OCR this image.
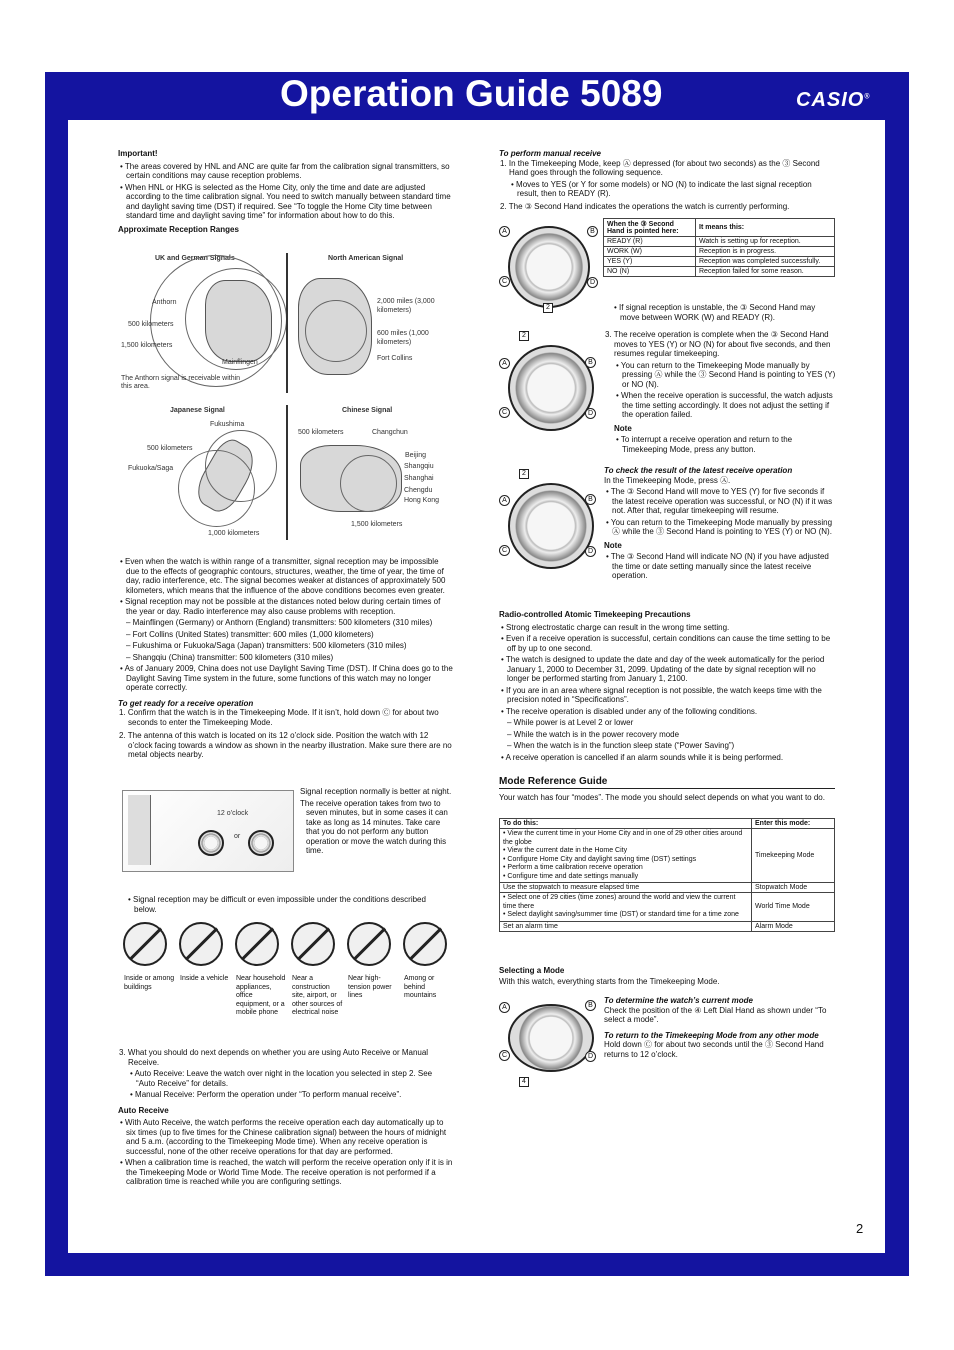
Operation Guide 5089	CASIO®
Important!

• The areas covered by HNL and ANC are quite far from the calibration signal transmitters, so certain conditions may cause reception problems.

• When HNL or HKG is selected as the Home City, only the time and date are adjusted according to the time calibration signal. You need to switch manually between standard time and daylight saving time (DST) if required. See “To toggle the Home City time between standard time and daylight saving time” for information about how to do this.

Approximate Reception Ranges
UK and German Signals
Anthorn
500 kilometers
1,500 kilometers
Mainflingen
The Anthorn signal is receivable within this area.
North American Signal
2,000 miles (3,000 kilometers)
600 miles (1,000 kilometers)
Fort Collins
Japanese Signal
Fukushima
500 kilometers
Fukuoka/Saga
1,000 kilometers
Chinese Signal
500 kilometers	Changchun
Beijing
Shangqiu
Shanghai
Chengdu
Hong Kong
1,500 kilometers

• Even when the watch is within range of a transmitter, signal reception may be impossible due to the effects of geographic contours, structures, weather, the time of year, the time of day, radio interference, etc. The signal becomes weaker at distances of approximately 500 kilometers, which means that the influence of the above conditions becomes even greater.

• Signal reception may not be possible at the distances noted below during certain times of the year or day. Radio interference may also cause problems with reception.

– Mainflingen (Germany) or Anthorn (England) transmitters: 500 kilometers (310 miles)

– Fort Collins (United States) transmitter: 600 miles (1,000 kilometers)

– Fukushima or Fukuoka/Saga (Japan) transmitters: 500 kilometers (310 miles)

– Shangqiu (China) transmitter: 500 kilometers (310 miles)

• As of January 2009, China does not use Daylight Saving Time (DST). If China does go to the Daylight Saving Time system in the future, some functions of this watch may no longer operate correctly.

To get ready for a receive operation

1. Confirm that the watch is in the Timekeeping Mode. If it isn’t, hold down Ⓒ for about two seconds to enter the Timekeeping Mode.

2. The antenna of this watch is located on its 12 o’clock side. Position the watch with 12 o’clock facing towards a window as shown in the nearby illustration. Make sure there are no metal objects nearby.

12 o’clock
or

Signal reception normally is better at night.

The receive operation takes from two to seven minutes, but in some cases it can take as long as 14 minutes. Take care that you do not perform any button operation or move the watch during this time.

• Signal reception may be difficult or even impossible under the conditions described below.

Inside or among buildings
Inside a vehicle	Near household appliances, office equipment, or a mobile phone
Near a construction site, airport, or other sources of electrical noise
Near high-tension power lines
Among or behind mountains

3. What you should do next depends on whether you are using Auto Receive or Manual Receive.

• Auto Receive: Leave the watch over night in the location you selected in step 2. See “Auto Receive” for details.

• Manual Receive: Perform the operation under “To perform manual receive”.

Auto Receive

• With Auto Receive, the watch performs the receive operation each day automatically up to six times (up to five times for the Chinese calibration signal) between the hours of midnight and 5 a.m. (according to the Timekeeping Mode time). When any receive operation is successful, none of the other receive operations for that day are performed.

• When a calibration time is reached, the watch will perform the receive operation only if it is in the Timekeeping Mode or World Time Mode. The receive operation is not performed if a calibration time is reached while you are configuring settings.

To perform manual receive

1. In the Timekeeping Mode, keep Ⓐ depressed (for about two seconds) as the ③ Second Hand goes through the following sequence.

• Moves to YES (or Y for some models) or NO (N) to indicate the last signal reception result, then to READY (R).

2. The ③ Second Hand indicates the operations the watch is currently performing.

A	B
C	D
2
When the ③ Second Hand is pointed here:	It means this:
READY (R)	Watch is setting up for reception.
WORK (W)	Reception is in progress.
YES (Y)	Reception was completed successfully.
NO (N)	Reception failed for some reason.

• If signal reception is unstable, the ③ Second Hand may move between WORK (W) and READY (R).

2
A	B
C	D

3. The receive operation is complete when the ③ Second Hand moves to YES (Y) or NO (N) for about five seconds, and then resumes regular timekeeping.

• You can return to the Timekeeping Mode manually by pressing Ⓐ while the ③ Second Hand is pointing to YES (Y) or NO (N).

• When the receive operation is successful, the watch adjusts the time setting accordingly. It does not adjust the setting if the operation failed.

Note

• To interrupt a receive operation and return to the Timekeeping Mode, press any button.

2
A	B
C	D
To check the result of the latest receive operation

In the Timekeeping Mode, press Ⓐ.

• The ③ Second Hand will move to YES (Y) for five seconds if the latest receive operation was successful, or NO (N) if it was not. After that, regular timekeeping will resume.

• You can return to the Timekeeping Mode manually by pressing Ⓐ while the ③ Second Hand is pointing to YES (Y) or NO (N).

Note

• The ③ Second Hand will indicate NO (N) if you have adjusted the time or date setting manually since the latest receive operation.

Radio-controlled Atomic Timekeeping Precautions

• Strong electrostatic charge can result in the wrong time setting.

• Even if a receive operation is successful, certain conditions can cause the time setting to be off by up to one second.

• The watch is designed to update the date and day of the week automatically for the period January 1, 2000 to December 31, 2099. Updating of the date by signal reception will no longer be performed starting from January 1, 2100.

• If you are in an area where signal reception is not possible, the watch keeps time with the precision noted in “Specifications”.

• The receive operation is disabled under any of the following conditions.

– While power is at Level 2 or lower

– While the watch is in the power recovery mode

– When the watch is in the function sleep state (“Power Saving”)

• A receive operation is cancelled if an alarm sounds while it is being performed.

Mode Reference Guide

Your watch has four “modes”. The mode you should select depends on what you want to do.

To do this:	Enter this mode:

• View the current time in your Home City and in one of 29 other cities around the globe
• View the current date in the Home City
• Configure Home City and daylight saving time (DST) settings
• Perform a time calibration receive operation
• Configure time and date settings manually	Timekeeping Mode
Use the stopwatch to measure elapsed time	Stopwatch Mode

• Select one of 29 cities (time zones) around the world and view the current time there
• Select daylight saving/summer time (DST) or standard time for a time zone	World Time Mode
Set an alarm time	Alarm Mode
Selecting a Mode

With this watch, everything starts from the Timekeeping Mode.

A	B
C	D
4
To determine the watch’s current mode

Check the position of the ④ Left Dial Hand as shown under “To select a mode”.

To return to the Timekeeping Mode from any other mode

Hold down Ⓒ for about two seconds until the ③ Second Hand returns to 12 o’clock.

2
